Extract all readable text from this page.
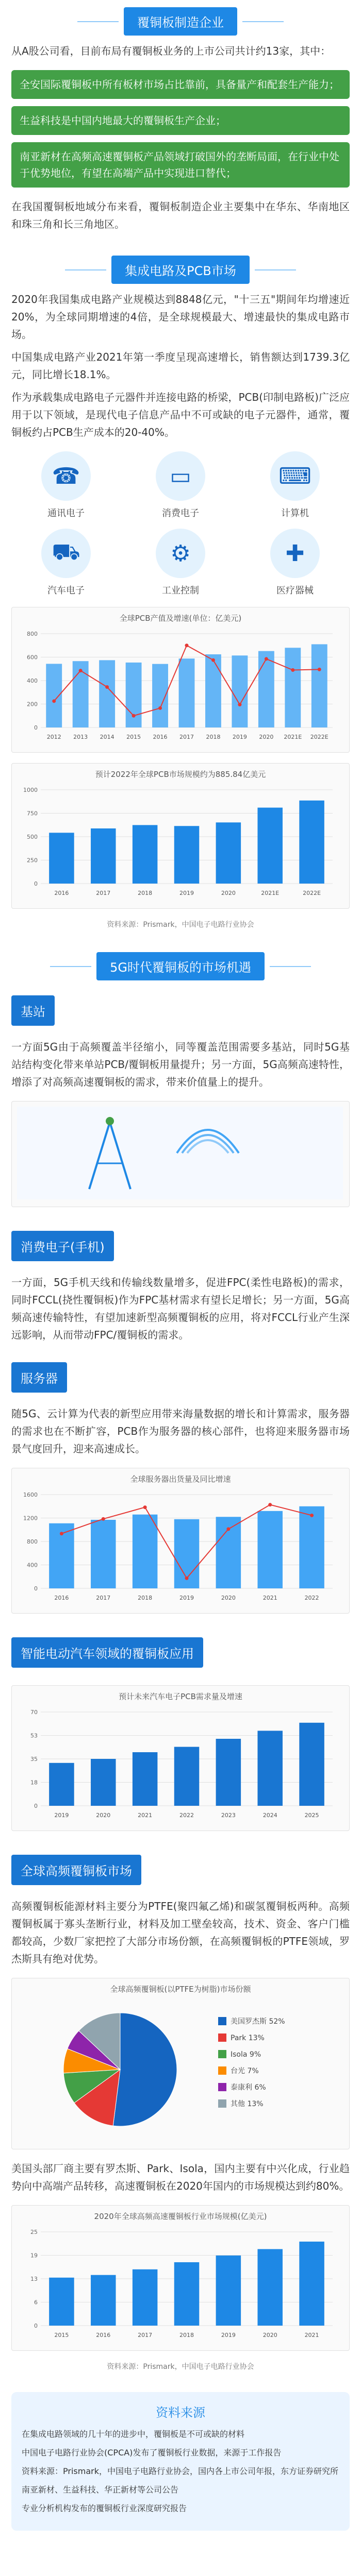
覆铜板制造企业

从A股公司看，目前布局有覆铜板业务的上市公司共计约13家，其中：

全安国际覆铜板中所有板材市场占比靠前，具备量产和配套生产能力；
生益科技是中国内地最大的覆铜板生产企业；
南亚新材在高频高速覆铜板产品领域打破国外的垄断局面，在行业中处于优势地位，有望在高端产品中实现进口替代；

在我国覆铜板地域分布来看，覆铜板制造企业主要集中在华东、华南地区和珠三角和长三角地区。

集成电路及PCB市场

2020年我国集成电路产业规模达到8848亿元，"十三五"期间年均增速近20%，为全球同期增速的4倍，是全球规模最大、增速最快的集成电路市场。

中国集成电路产业2021年第一季度呈现高速增长，销售额达到1739.3亿元，同比增长18.1%。

作为承载集成电路电子元器件并连接电路的桥梁，PCB(印制电路板)广泛应用于以下领域，是现代电子信息产品中不可或缺的电子元器件，通常，覆铜板约占PCB生产成本的20-40%。

☎
通讯电子
▭
消费电子
⌨
计算机
⛟
汽车电子
⚙
工业控制
✚
医疗器械
全球PCB产值及增速(单位：亿美元)
0
200
400
600
800
2012 2013 2014 2015 2016 2017 2018 2019 2020 2021E 2022E
预计2022年全球PCB市场规模约为885.84亿美元
0
250
500
750
1000
2016	2017	2018	2019	2020	2021E	2022E
资料来源：Prismark，中国电子电路行业协会
5G时代覆铜板的市场机遇
基站

一方面5G由于高频覆盖半径缩小，同等覆盖范围需要多基站，同时5G基站结构变化带来单站PCB/覆铜板用量提升；另一方面，5G高频高速特性，增添了对高频高速覆铜板的需求，带来价值量上的提升。

消费电子(手机)

一方面，5G手机天线和传输线数量增多，促进FPC(柔性电路板)的需求，同时FCCL(挠性覆铜板)作为FPC基材需求有望长足增长；另一方面，5G高频高速传输特性，有望加速新型高频覆铜板的应用，将对FCCL行业产生深远影响，从而带动FPC/覆铜板的需求。

服务器

随5G、云计算为代表的新型应用带来海量数据的增长和计算需求，服务器的需求也在不断扩容，PCB作为服务器的核心部件，也将迎来服务器市场景气度回升，迎来高速成长。

全球服务器出货量及同比增速
0
400
800
1200
1600
2016	2017	2018	2019	2020	2021	2022
智能电动汽车领域的覆铜板应用
预计未来汽车电子PCB需求量及增速
0
18
35
53
70
2019	2020	2021	2022	2023	2024	2025
全球高频覆铜板市场

高频覆铜板能源材料主要分为PTFE(聚四氟乙烯)和碳氢覆铜板两种。高频覆铜板属于寡头垄断行业，材料及加工壁垒较高，技术、资金、客户门槛都较高，少数厂家把控了大部分市场份额，在高频覆铜板的PTFE领域，罗杰斯具有绝对优势。

全球高频覆铜板(以PTFE为树脂)市场份额
美国罗杰斯 52%
Park 13%
Isola 9%
台光 7%
泰康利 6%
其他 13%

美国头部厂商主要有罗杰斯、Park、Isola，国内主要有中兴化成，行业趋势向中高端产品转移，高速覆铜板在2020年国内的市场规模达到约80%。

2020年全球高频高速覆铜板行业市场规模(亿美元)
0
6
13
19
25
2015	2016	2017	2018	2019	2020	2021
资料来源：Prismark，中国电子电路行业协会
资料来源
在集成电路领域的几十年的进步中，覆铜板是不可或缺的材料
中国电子电路行业协会(CPCA)发布了覆铜板行业数据，来源于工作报告
资料来源：Prismark，中国电子电路行业协会，国内各上市公司年报，东方证券研究所
南亚新材、生益科技、华正新材等公司公告
专业分析机构发布的覆铜板行业深度研究报告
